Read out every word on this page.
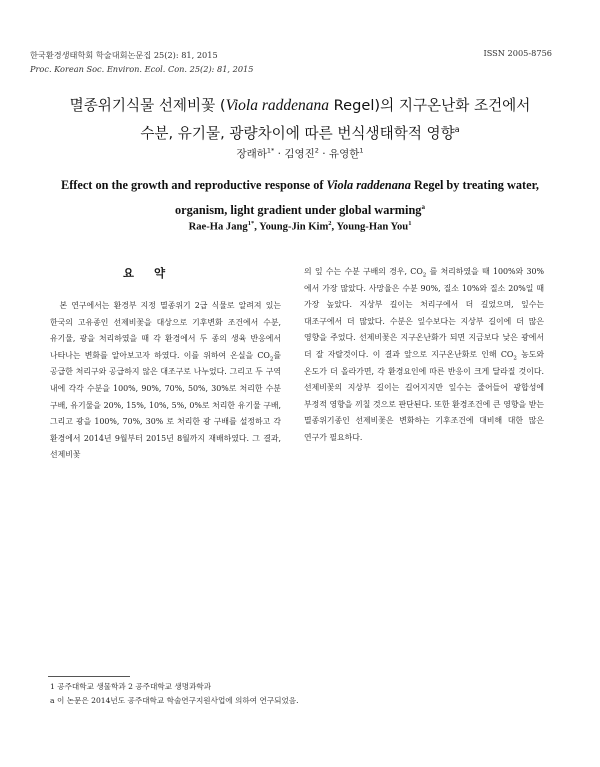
한국환경생태학회 학술대회논문집 25(2): 81, 2015
Proc. Korean Soc. Environ. Ecol. Con. 25(2): 81, 2015
ISSN 2005-8756
멸종위기식물 선제비꽃 (Viola raddenana Regel)의 지구온난화 조건에서
수분, 유기물, 광량차이에 따른 번식생태학적 영향$^a$
장래하$^{1*}$ · 김영진$^2$ · 유영한$^1$
Effect on the growth and reproductive response of Viola raddenana Regel by treating water,
organism, light gradient under global warming$^a$
Rae-Ha Jang$^{1*}$, Young-Jin Kim$^2$, Young-Han You$^1$
요 약
본 연구에서는 환경부 지정 멸종위기 2급 식물로 알려져 있는 한국의 고유종인 선제비꽃을 대상으로 기후변화 조건에서 수분, 유기물, 광을 처리하였을 때 각 환경에서 두 종의 생육 반응에서 나타나는 변화를 알아보고자 하였다. 이를 위하여 온실을 $CO_2$를 공급한 처리구와 공급하지 않은 대조구로 나누었다. 그리고 두 구역 내에 각각 수분을 100%, 90%, 70%, 50%, 30%로 처리한 수분 구배, 유기물을 20%, 15%, 10%, 5%, 0%로 처리한 유기물 구배, 그리고 광을 100%, 70%, 30% 로 처리한 광 구배를 설정하고 각 환경에서 2014년 9월부터 2015년 8월까지 재배하였다. 그 결과, 선제비꽃
의 잎 수는 수분 구배의 경우, $CO_2$ 를 처리하였을 때 100%와 30%에서 가장 많았다. 사망율은 수분 90%, 질소 10%와 질소 20%일 때 가장 높았다. 지상부 길이는 처리구에서 더 길었으며, 잎수는 대조구에서 더 많았다. 수분은 잎수보다는 지상부 길이에 더 많은 영향을 주었다. 선제비꽃은 지구온난화가 되면 지금보다 낮은 광에서 더 잘 자랄것이다. 이 결과 앞으로 지구온난화로 인해 $CO_2$ 농도와 온도가 더 올라가면, 각 환경요인에 따른 반응이 크게 달라질 것이다. 선제비꽃의 지상부 길이는 길어지지만 잎수는 줄어들어 광합성에 부정적 영향을 끼칠 것으로 판단된다. 또한 환경조건에 큰 영향을 받는 멸종위기종인 선제비꽃은 변화하는 기후조건에 대비해 대한 많은 연구가 필요하다.
1 공주대학교 생물학과 2 공주대학교 생명과학과
a 이 논문은 2014년도 공주대학교 학술연구지원사업에 의하여 연구되었음.
